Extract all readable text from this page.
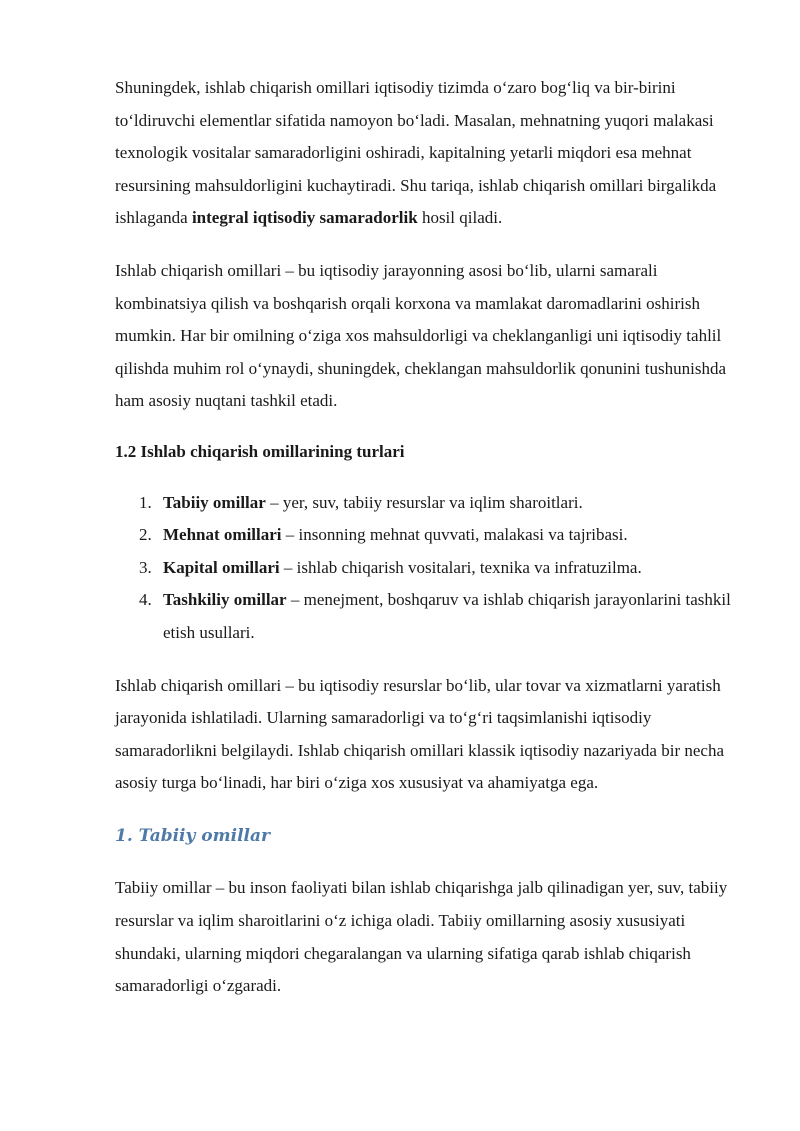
Shuningdek, ishlab chiqarish omillari iqtisodiy tizimda o‘zaro bog‘liq va bir-birini to‘ldiruvchi elementlar sifatida namoyon bo‘ladi. Masalan, mehnatning yuqori malakasi texnologik vositalar samaradorligini oshiradi, kapitalning yetarli miqdori esa mehnat resursining mahsuldorligini kuchaytiradi. Shu tariqa, ishlab chiqarish omillari birgalikda ishlaganda integral iqtisodiy samaradorlik hosil qiladi.

Ishlab chiqarish omillari – bu iqtisodiy jarayonning asosi bo‘lib, ularni samarali kombinatsiya qilish va boshqarish orqali korxona va mamlakat daromadlarini oshirish mumkin. Har bir omilning o‘ziga xos mahsuldorligi va cheklanganligi uni iqtisodiy tahlil qilishda muhim rol o‘ynaydi, shuningdek, cheklangan mahsuldorlik qonunini tushunishda ham asosiy nuqtani tashkil etadi.

1.2 Ishlab chiqarish omillarining turlari
1. Tabiiy omillar – yer, suv, tabiiy resurslar va iqlim sharoitlari.
2. Mehnat omillari – insonning mehnat quvvati, malakasi va tajribasi.
3. Kapital omillari – ishlab chiqarish vositalari, texnika va infratuzilma.
4. Tashkiliy omillar – menejment, boshqaruv va ishlab chiqarish jarayonlarini tashkil etish usullari.

Ishlab chiqarish omillari – bu iqtisodiy resurslar bo‘lib, ular tovar va xizmatlarni yaratish jarayonida ishlatiladi. Ularning samaradorligi va to‘g‘ri taqsimlanishi iqtisodiy samaradorlikni belgilaydi. Ishlab chiqarish omillari klassik iqtisodiy nazariyada bir necha asosiy turga bo‘linadi, har biri o‘ziga xos xususiyat va ahamiyatga ega.

1. Tabiiy omillar

Tabiiy omillar – bu inson faoliyati bilan ishlab chiqarishga jalb qilinadigan yer, suv, tabiiy resurslar va iqlim sharoitlarini o‘z ichiga oladi. Tabiiy omillarning asosiy xususiyati shundaki, ularning miqdori chegaralangan va ularning sifatiga qarab ishlab chiqarish samaradorligi o‘zgaradi.
